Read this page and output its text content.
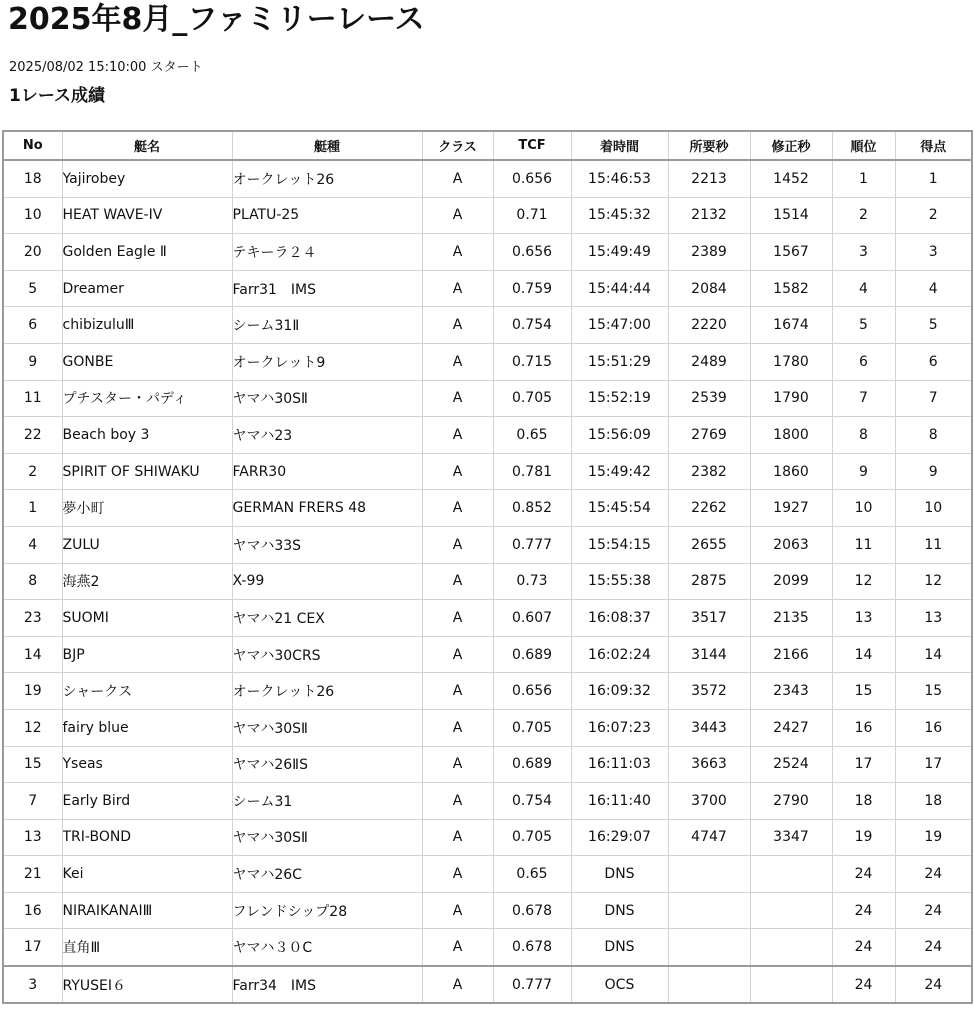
2025年8月_ファミリーレース
2025/08/02 15:10:00 スタート
1レース成績
No	艇名	艇種	クラス	TCF	着時間	所要秒	修正秒	順位	得点
18	Yajirobey	オークレット26	A	0.656	15:46:53	2213	1452	1	1
10	HEAT WAVE-IV	PLATU-25	A	0.71	15:45:32	2132	1514	2	2
20	Golden Eagle Ⅱ	テキーラ２４	A	0.656	15:49:49	2389	1567	3	3
5	Dreamer	Farr31　IMS	A	0.759	15:44:44	2084	1582	4	4
6	chibizuluⅢ	シーム31Ⅱ	A	0.754	15:47:00	2220	1674	5	5
9	GONBE	オークレット9	A	0.715	15:51:29	2489	1780	6	6
11	プチスター・パディ	ヤマハ30SⅡ	A	0.705	15:52:19	2539	1790	7	7
22	Beach boy 3	ヤマハ23	A	0.65	15:56:09	2769	1800	8	8
2	SPIRIT OF SHIWAKU	FARR30	A	0.781	15:49:42	2382	1860	9	9
1	夢小町	GERMAN FRERS 48	A	0.852	15:45:54	2262	1927	10	10
4	ZULU	ヤマハ33S	A	0.777	15:54:15	2655	2063	11	11
8	海燕2	X-99	A	0.73	15:55:38	2875	2099	12	12
23	SUOMI	ヤマハ21 CEX	A	0.607	16:08:37	3517	2135	13	13
14	BJP	ヤマハ30CRS	A	0.689	16:02:24	3144	2166	14	14
19	シャークス	オークレット26	A	0.656	16:09:32	3572	2343	15	15
12	fairy blue	ヤマハ30SⅡ	A	0.705	16:07:23	3443	2427	16	16
15	Yseas	ヤマハ26ⅡS	A	0.689	16:11:03	3663	2524	17	17
7	Early Bird	シーム31	A	0.754	16:11:40	3700	2790	18	18
13	TRI-BOND	ヤマハ30SⅡ	A	0.705	16:29:07	4747	3347	19	19
21	Kei	ヤマハ26C	A	0.65	DNS			24	24
16	NIRAIKANAIⅢ	フレンドシップ28	A	0.678	DNS			24	24
17	直角Ⅲ	ヤマハ３０C	A	0.678	DNS			24	24
3	RYUSEI６	Farr34　IMS	A	0.777	OCS			24	24
